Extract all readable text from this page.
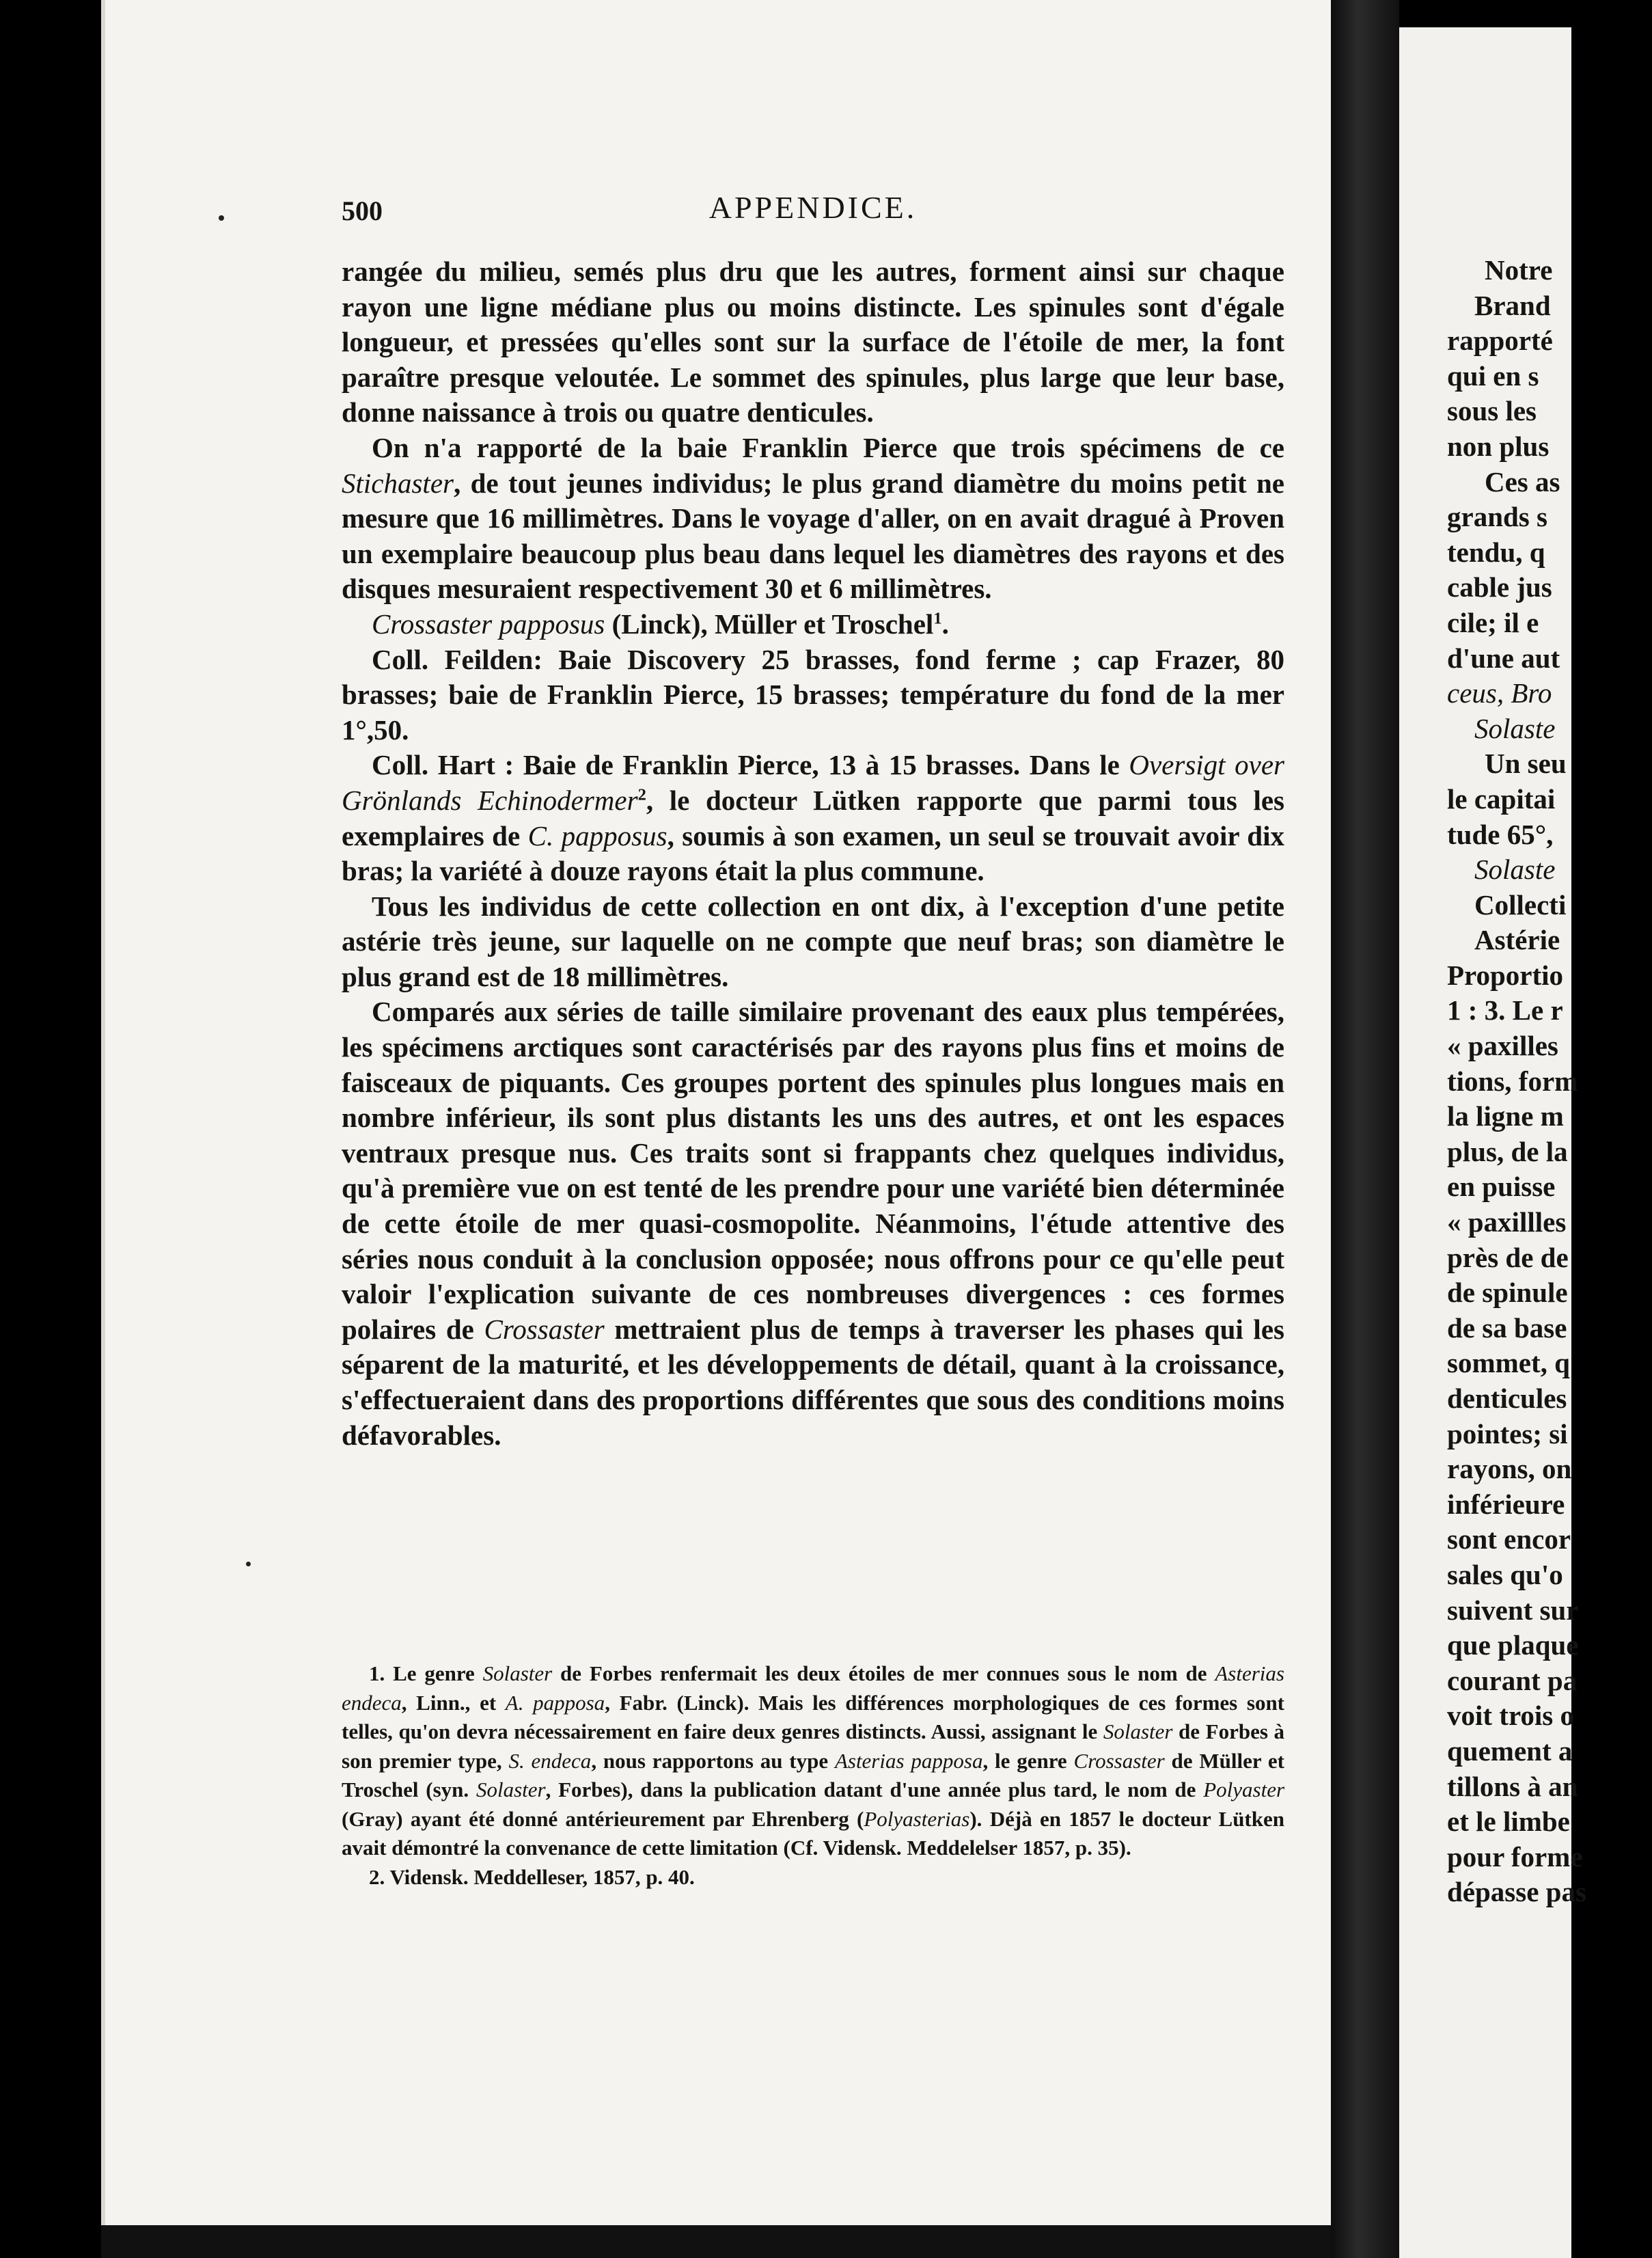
500	APPENDICE.

rangée du milieu, semés plus dru que les autres, forment ainsi sur chaque rayon une ligne médiane plus ou moins distincte. Les spinules sont d'égale longueur, et pressées qu'elles sont sur la surface de l'étoile de mer, la font paraître presque veloutée. Le sommet des spinules, plus large que leur base, donne naissance à trois ou quatre denticules.

On n'a rapporté de la baie Franklin Pierce que trois spécimens de ce Stichaster, de tout jeunes individus; le plus grand diamètre du moins petit ne mesure que 16 millimètres. Dans le voyage d'aller, on en avait dragué à Proven un exemplaire beaucoup plus beau dans lequel les diamètres des rayons et des disques mesuraient respectivement 30 et 6 millimètres.

Crossaster papposus (Linck), Müller et Troschel$^1$.

Coll. Feilden: Baie Discovery 25 brasses, fond ferme ; cap Frazer, 80 brasses; baie de Franklin Pierce, 15 brasses; température du fond de la mer 1°,50.

Coll. Hart : Baie de Franklin Pierce, 13 à 15 brasses. Dans le Oversigt over Grönlands Echinodermer$^2$, le docteur Lütken rapporte que parmi tous les exemplaires de C. papposus, soumis à son examen, un seul se trouvait avoir dix bras; la variété à douze rayons était la plus commune.

Tous les individus de cette collection en ont dix, à l'exception d'une petite astérie très jeune, sur laquelle on ne compte que neuf bras; son diamètre le plus grand est de 18 millimètres.

Comparés aux séries de taille similaire provenant des eaux plus tempérées, les spécimens arctiques sont caractérisés par des rayons plus fins et moins de faisceaux de piquants. Ces groupes portent des spinules plus longues mais en nombre inférieur, ils sont plus distants les uns des autres, et ont les espaces ventraux presque nus. Ces traits sont si frappants chez quelques individus, qu'à première vue on est tenté de les prendre pour une variété bien déterminée de cette étoile de mer quasi-cosmopolite. Néanmoins, l'étude attentive des séries nous conduit à la conclusion opposée; nous offrons pour ce qu'elle peut valoir l'explication suivante de ces nombreuses divergences : ces formes polaires de Crossaster mettraient plus de temps à traverser les phases qui les séparent de la maturité, et les développements de détail, quant à la croissance, s'effectueraient dans des proportions différentes que sous des conditions moins défavorables.

1. Le genre Solaster de Forbes renfermait les deux étoiles de mer connues sous le nom de Asterias endeca, Linn., et A. papposa, Fabr. (Linck). Mais les différences morphologiques de ces formes sont telles, qu'on devra nécessairement en faire deux genres distincts. Aussi, assignant le Solaster de Forbes à son premier type, S. endeca, nous rapportons au type Asterias papposa, le genre Crossaster de Müller et Troschel (syn. Solaster, Forbes), dans la publication datant d'une année plus tard, le nom de Polyaster (Gray) ayant été donné antérieurement par Ehrenberg (Polyasterias). Déjà en 1857 le docteur Lütken avait démontré la convenance de cette limitation (Cf. Vidensk. Meddelelser 1857, p. 35).

2. Vidensk. Meddelleser, 1857, p. 40.

Notre
Brand
rapporté
qui en s
sous les
non plus
Ces as
grands s
tendu, q
cable jus
cile; il e
d'une aut
ceus, Bro
Solaste
Un seu
le capitai
tude 65°,
Solaste
Collecti
Astérie
Proportio
1 : 3. Le r
« paxilles
tions, form
la ligne m
plus, de la
en puisse
« paxillles
près de de
de spinule
de sa base
sommet, q
denticules
pointes; si
rayons, on
inférieure
sont encor
sales qu'o
suivent sur
que plaque
courant pa
voit trois o
quement a
tillons à an
et le limbe
pour forme
dépasse pas
